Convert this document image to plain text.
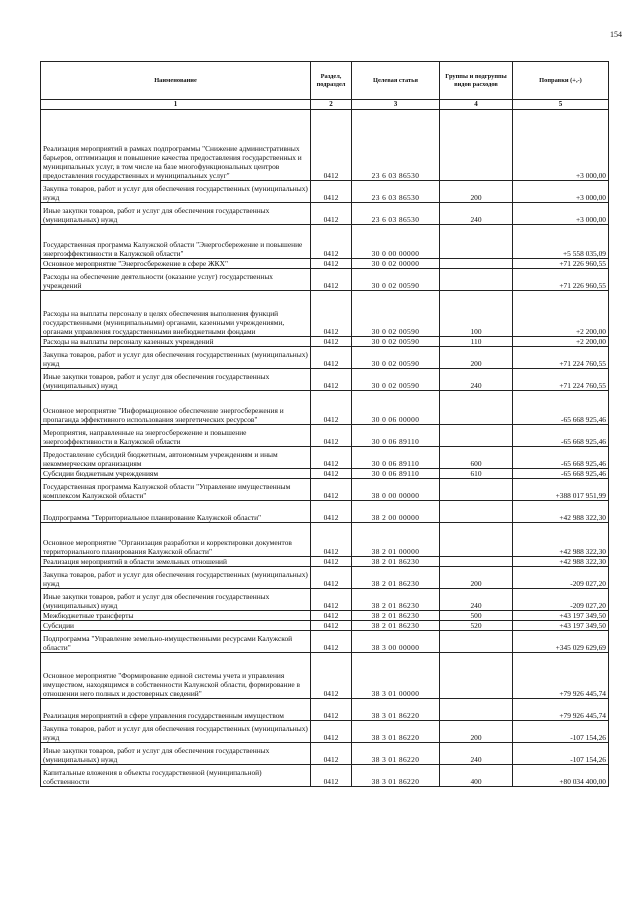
154
Наименование	Раздел, подраздел	Целевая статья	Группы и подгруппы видов расходов	Поправки (+,-)
1	2	3	4	5
Реализация мероприятий в рамках подпрограммы "Снижение административных барьеров, оптимизация и повышение качества предоставления государственных и муниципальных услуг, в том числе на базе многофункциональных центров предоставления государственных и муниципальных услуг"	0412	23 6 03 86530		+3 000,00
Закупка товаров, работ и услуг для обеспечения государственных (муниципальных) нужд	0412	23 6 03 86530	200	+3 000,00
Иные закупки товаров, работ и услуг для обеспечения государственных (муниципальных) нужд	0412	23 6 03 86530	240	+3 000,00
Государственная программа Калужской области "Энергосбережение и повышение энергоэффективности в Калужской области"	0412	30 0 00 00000		+5 558 035,09
Основное мероприятие "Энергосбережение в сфере ЖКХ"	0412	30 0 02 00000		+71 226 960,55
Расходы на обеспечение деятельности (оказание услуг) государственных учреждений	0412	30 0 02 00590		+71 226 960,55
Расходы на выплаты персоналу в целях обеспечения выполнения функций государственными (муниципальными) органами, казенными учреждениями, органами управления государственными внебюджетными фондами	0412	30 0 02 00590	100	+2 200,00
Расходы на выплаты персоналу казенных учреждений	0412	30 0 02 00590	110	+2 200,00
Закупка товаров, работ и услуг для обеспечения государственных (муниципальных) нужд	0412	30 0 02 00590	200	+71 224 760,55
Иные закупки товаров, работ и услуг для обеспечения государственных (муниципальных) нужд	0412	30 0 02 00590	240	+71 224 760,55
Основное мероприятие "Информационное обеспечение энергосбережения и пропаганда эффективного использования энергетических ресурсов"	0412	30 0 06 00000		-65 668 925,46
Мероприятия, направленные на энергосбережение и повышение энергоэффективности в Калужской области	0412	30 0 06 89110		-65 668 925,46
Предоставление субсидий бюджетным, автономным учреждениям и иным некоммерческим организациям	0412	30 0 06 89110	600	-65 668 925,46
Субсидии бюджетным учреждениям	0412	30 0 06 89110	610	-65 668 925,46
Государственная программа Калужской области "Управление имущественным комплексом Калужской области"	0412	38 0 00 00000		+388 017 951,99
Подпрограмма "Территориальное планирование Калужской области"	0412	38 2 00 00000		+42 988 322,30
Основное мероприятие "Организация разработки и корректировки документов территориального планирования Калужской области"	0412	38 2 01 00000		+42 988 322,30
Реализация мероприятий в области земельных отношений	0412	38 2 01 86230		+42 988 322,30
Закупка товаров, работ и услуг для обеспечения государственных (муниципальных) нужд	0412	38 2 01 86230	200	-209 027,20
Иные закупки товаров, работ и услуг для обеспечения государственных (муниципальных) нужд	0412	38 2 01 86230	240	-209 027,20
Межбюджетные трансферты	0412	38 2 01 86230	500	+43 197 349,50
Субсидии	0412	38 2 01 86230	520	+43 197 349,50
Подпрограмма "Управление земельно-имущественными ресурсами Калужской области"	0412	38 3 00 00000		+345 029 629,69
Основное мероприятие "Формирование единой системы учета и управления имуществом, находящимся в собственности Калужской области, формирование в отношении него полных и достоверных сведений"	0412	38 3 01 00000		+79 926 445,74
Реализация мероприятий в сфере управления государственным имуществом	0412	38 3 01 86220		+79 926 445,74
Закупка товаров, работ и услуг для обеспечения государственных (муниципальных) нужд	0412	38 3 01 86220	200	-107 154,26
Иные закупки товаров, работ и услуг для обеспечения государственных (муниципальных) нужд	0412	38 3 01 86220	240	-107 154,26
Капитальные вложения в объекты государственной (муниципальной) собственности	0412	38 3 01 86220	400	+80 034 400,00
